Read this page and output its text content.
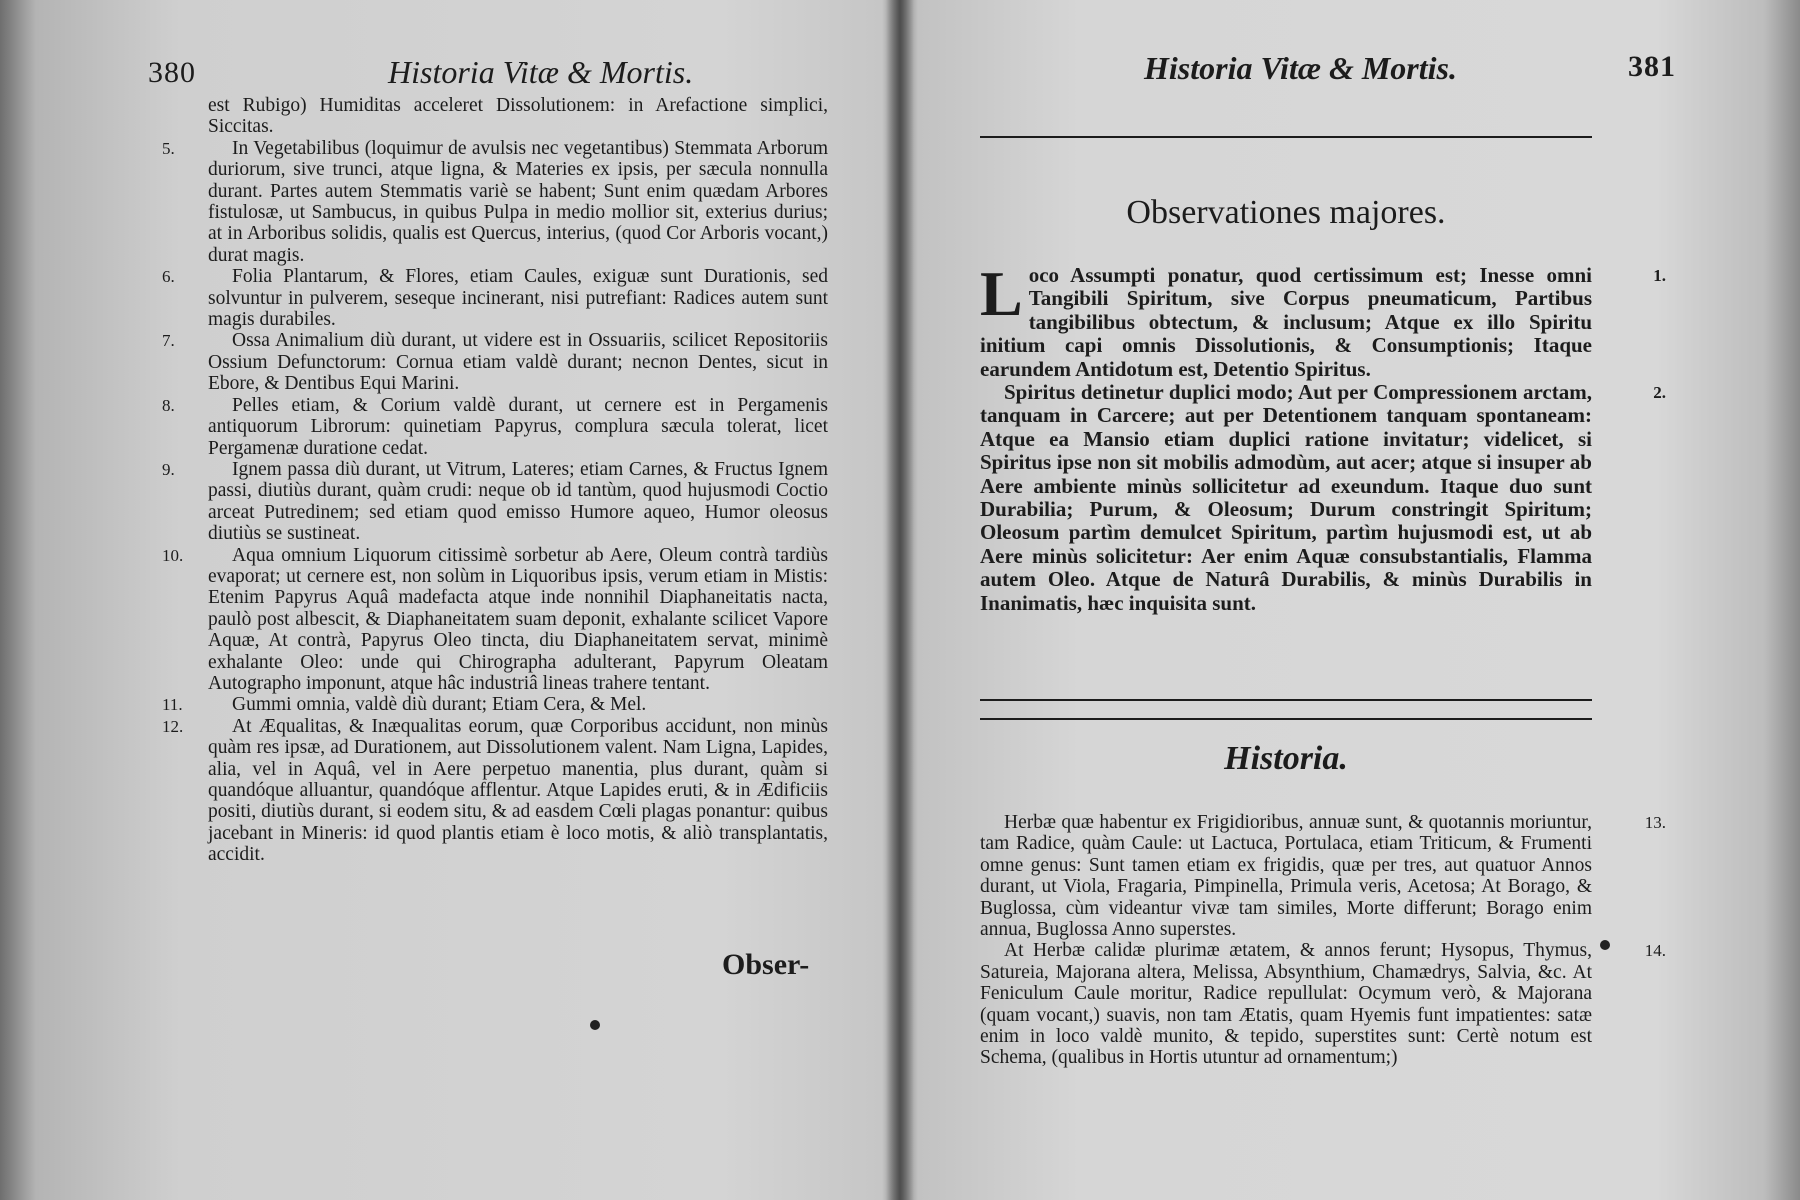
380	Historia Vitæ & Mortis.

est Rubigo) Humiditas acceleret Dissolutionem: in Arefactione simplici, Siccitas.

5.	In Vegetabilibus (loquimur de avulsis nec vegetantibus) Stemmata Arborum duriorum, sive trunci, atque ligna, & Materies ex ipsis, per sæcula nonnulla durant. Partes autem Stemmatis variè se habent; Sunt enim quædam Arbores fistulosæ, ut Sambucus, in quibus Pulpa in medio mollior sit, exterius durius; at in Arboribus solidis, qualis est Quercus, interius, (quod Cor Arboris vocant,) durat magis.

6.	Folia Plantarum, & Flores, etiam Caules, exiguæ sunt Durationis, sed solvuntur in pulverem, seseque incinerant, nisi putrefiant: Radices autem sunt magis durabiles.

7.	Ossa Animalium diù durant, ut videre est in Ossuariis, scilicet Repositoriis Ossium Defunctorum: Cornua etiam valdè durant; necnon Dentes, sicut in Ebore, & Dentibus Equi Marini.

8.	Pelles etiam, & Corium valdè durant, ut cernere est in Pergamenis antiquorum Librorum: quinetiam Papyrus, complura sæcula tolerat, licet Pergamenæ duratione cedat.

9.	Ignem passa diù durant, ut Vitrum, Lateres; etiam Carnes, & Fructus Ignem passi, diutiùs durant, quàm crudi: neque ob id tantùm, quod hujusmodi Coctio arceat Putredinem; sed etiam quod emisso Humore aqueo, Humor oleosus diutiùs se sustineat.

10.	Aqua omnium Liquorum citissimè sorbetur ab Aere, Oleum contrà tardiùs evaporat; ut cernere est, non solùm in Liquoribus ipsis, verum etiam in Mistis: Etenim Papyrus Aquâ madefacta atque inde nonnihil Diaphaneitatis nacta, paulò post albescit, & Diaphaneitatem suam deponit, exhalante scilicet Vapore Aquæ, At contrà, Papyrus Oleo tincta, diu Diaphaneitatem servat, minimè exhalante Oleo: unde qui Chirographa adulterant, Papyrum Oleatam Autographo imponunt, atque hâc industriâ lineas trahere tentant.

11.	Gummi omnia, valdè diù durant; Etiam Cera, & Mel.

12.	At Æqualitas, & Inæqualitas eorum, quæ Corporibus accidunt, non minùs quàm res ipsæ, ad Durationem, aut Dissolutionem valent. Nam Ligna, Lapides, alia, vel in Aquâ, vel in Aere perpetuo manentia, plus durant, quàm si quandóque alluantur, quandóque afflentur. Atque Lapides eruti, & in Ædificiis positi, diutiùs durant, si eodem situ, & ad easdem Cœli plagas ponantur: quibus jacebant in Mineris: id quod plantis etiam è loco motis, & aliò transplantatis, accidit.

Obser-
Historia Vitæ & Mortis.	381
Observationes majores.

1.
L oco Assumpti ponatur, quod certissimum est; Inesse omni Tangibili Spiritum, sive Corpus pneumaticum, Partibus tangibilibus obtectum, & inclusum; Atque ex illo Spiritu initium capi omnis Dissolutionis, & Consumptionis; Itaque earundem Antidotum est, Detentio Spiritus.

2.
Spiritus detinetur duplici modo; Aut per Compressionem arctam, tanquam in Carcere; aut per Detentionem tanquam spontaneam: Atque ea Mansio etiam duplici ratione invitatur; videlicet, si Spiritus ipse non sit mobilis admodùm, aut acer; atque si insuper ab Aere ambiente minùs sollicitetur ad exeundum. Itaque duo sunt Durabilia; Purum, & Oleosum; Durum constringit Spiritum; Oleosum partìm demulcet Spiritum, partìm hujusmodi est, ut ab Aere minùs solicitetur: Aer enim Aquæ consubstantialis, Flamma autem Oleo. Atque de Naturâ Durabilis, & minùs Durabilis in Inanimatis, hæc inquisita sunt.

Historia.

13.
Herbæ quæ habentur ex Frigidioribus, annuæ sunt, & quotannis moriuntur, tam Radice, quàm Caule: ut Lactuca, Portulaca, etiam Triticum, & Frumenti omne genus: Sunt tamen etiam ex frigidis, quæ per tres, aut quatuor Annos durant, ut Viola, Fragaria, Pimpinella, Primula veris, Acetosa; At Borago, & Buglossa, cùm videantur vivæ tam similes, Morte differunt; Borago enim annua, Buglossa Anno superstes.

14.
At Herbæ calidæ plurimæ ætatem, & annos ferunt; Hysopus, Thymus, Satureia, Majorana altera, Melissa, Absynthium, Chamædrys, Salvia, &c. At Feniculum Caule moritur, Radice repullulat: Ocymum verò, & Majorana (quam vocant,) suavis, non tam Ætatis, quam Hyemis funt impatientes: satæ enim in loco valdè munito, & tepido, superstites sunt: Certè notum est Schema, (qualibus in Hortis utuntur ad ornamentum;)
